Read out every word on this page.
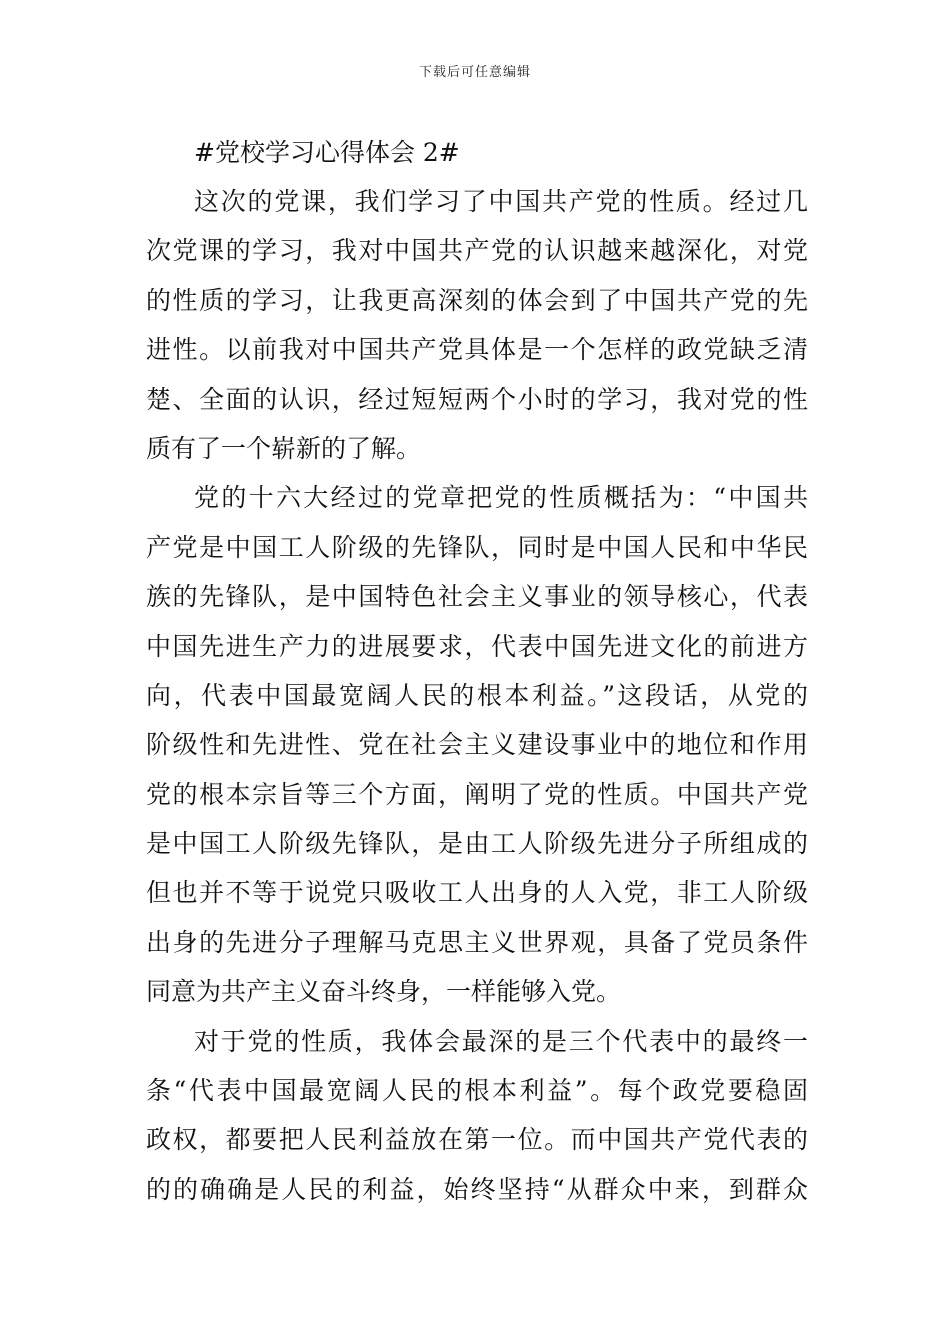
下载后可任意编辑
#党校学习心得体会 2#

这次的党课，我们学习了中国共产党的性质。经过几
次党课的学习，我对中国共产党的认识越来越深化，对党
的性质的学习，让我更高深刻的体会到了中国共产党的先
进性。以前我对中国共产党具体是一个怎样的政党缺乏清
楚、全面的认识，经过短短两个小时的学习，我对党的性
质有了一个崭新的了解。

党的十六大经过的党章把党的性质概括为：“中国共
产党是中国工人阶级的先锋队，同时是中国人民和中华民
族的先锋队，是中国特色社会主义事业的领导核心，代表
中国先进生产力的进展要求，代表中国先进文化的前进方
向，代表中国最宽阔人民的根本利益。”这段话，从党的
阶级性和先进性、党在社会主义建设事业中的地位和作用
党的根本宗旨等三个方面，阐明了党的性质。中国共产党
是中国工人阶级先锋队，是由工人阶级先进分子所组成的
但也并不等于说党只吸收工人出身的人入党，非工人阶级
出身的先进分子理解马克思主义世界观，具备了党员条件
同意为共产主义奋斗终身，一样能够入党。

对于党的性质，我体会最深的是三个代表中的最终一
条“代表中国最宽阔人民的根本利益”。每个政党要稳固
政权，都要把人民利益放在第一位。而中国共产党代表的
的的确确是人民的利益，始终坚持“从群众中来，到群众
